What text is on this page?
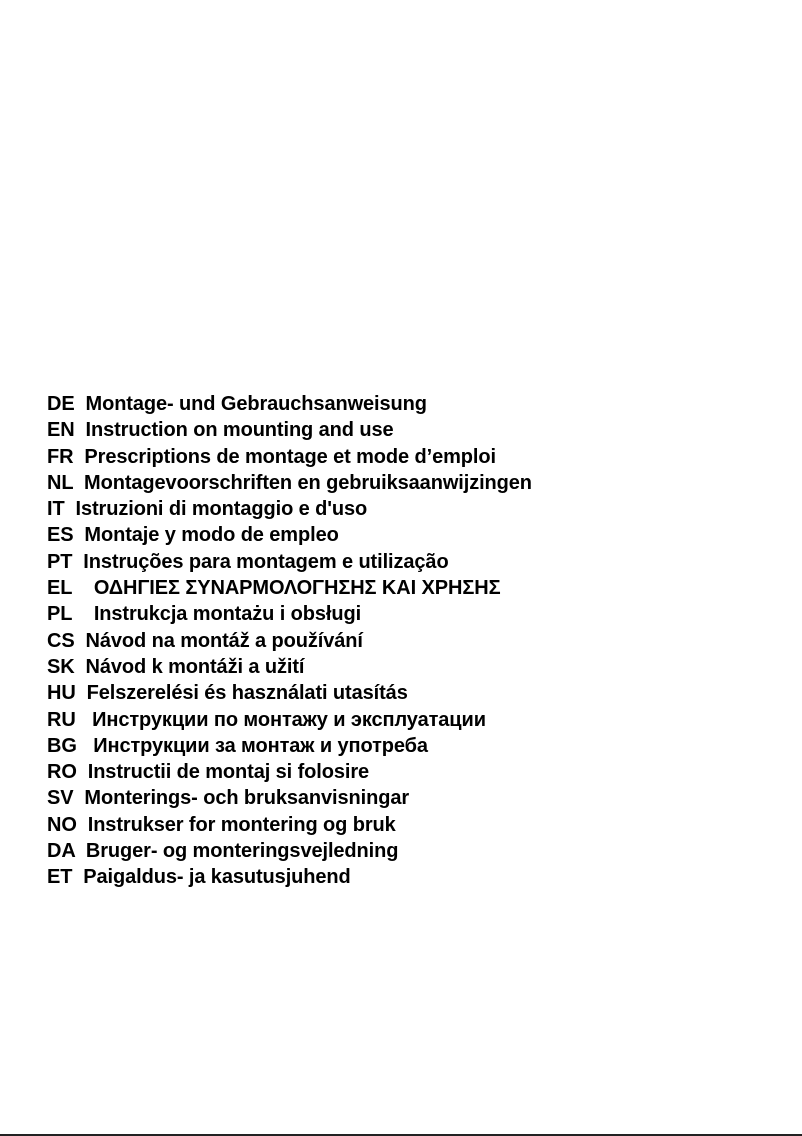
DE Montage- und Gebrauchsanweisung
EN Instruction on mounting and use
FR Prescriptions de montage et mode d’emploi
NL Montagevoorschriften en gebruiksaanwijzingen
IT Istruzioni di montaggio e d'uso
ES Montaje y modo de empleo
PT Instruções para montagem e utilização
EL ΟΔΗΓΙΕΣ ΣΥΝΑΡΜΟΛΟΓΗΣΗΣ ΚΑΙ ΧΡΗΣΗΣ
PL Instrukcja montażu i obsługi
CS Návod na montáž a používání
SK Návod k montáži a užití
HU Felszerelési és használati utasítás
RU Инструкции по монтажу и эксплуатации
BG Инструкции за монтаж и употреба
RO Instructii de montaj si folosire
SV Monterings- och bruksanvisningar
NO Instrukser for montering og bruk
DA Bruger- og monteringsvejledning
ET Paigaldus- ja kasutusjuhend
